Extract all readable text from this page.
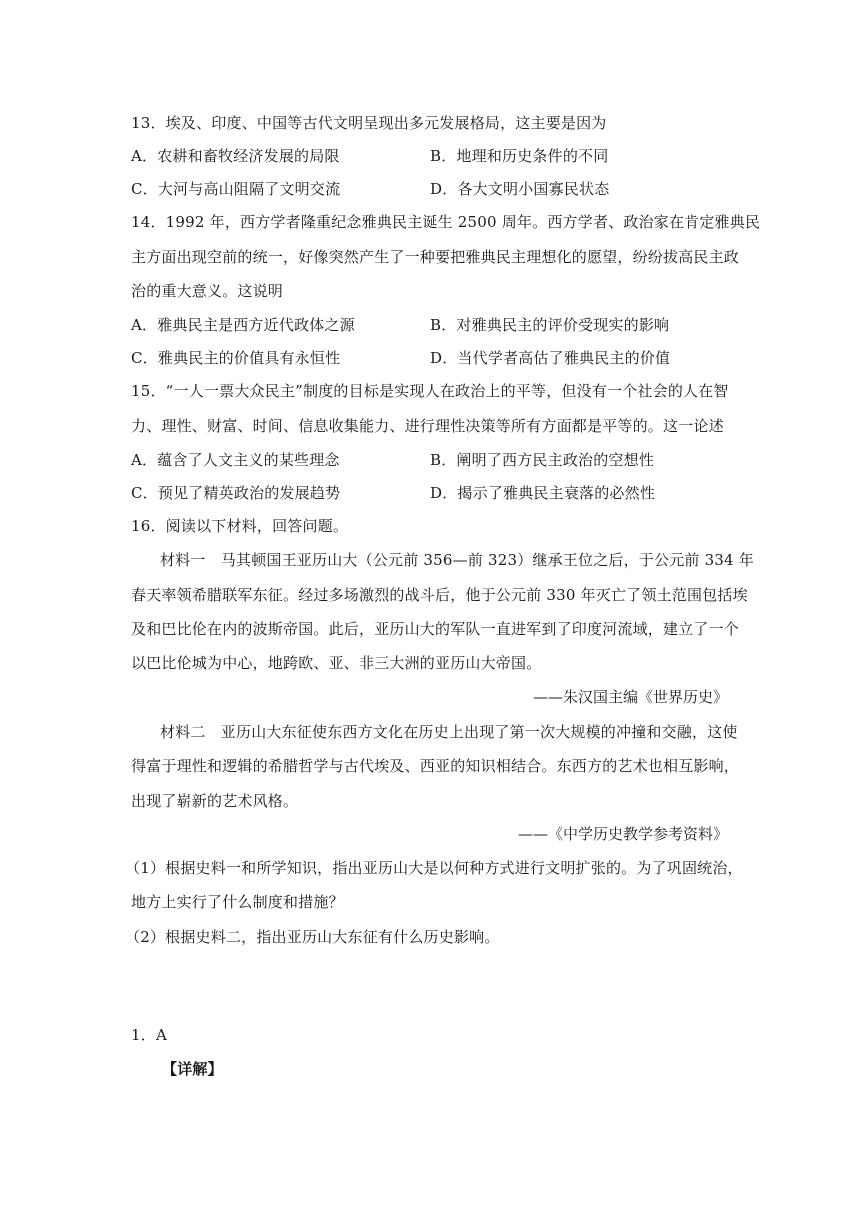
13．埃及、印度、中国等古代文明呈现出多元发展格局，这主要是因为
A．农耕和畜牧经济发展的局限	B．地理和历史条件的不同
C．大河与高山阻隔了文明交流	D．各大文明小国寡民状态
14．1992 年，西方学者隆重纪念雅典民主诞生 2500 周年。西方学者、政治家在肯定雅典民
主方面出现空前的统一，好像突然产生了一种要把雅典民主理想化的愿望，纷纷拔高民主政
治的重大意义。这说明
A．雅典民主是西方近代政体之源	B．对雅典民主的评价受现实的影响
C．雅典民主的价值具有永恒性	D．当代学者高估了雅典民主的价值
15．“一人一票大众民主”制度的目标是实现人在政治上的平等，但没有一个社会的人在智
力、理性、财富、时间、信息收集能力、进行理性决策等所有方面都是平等的。这一论述
A．蕴含了人文主义的某些理念	B．阐明了西方民主政治的空想性
C．预见了精英政治的发展趋势	D．揭示了雅典民主衰落的必然性
16．阅读以下材料，回答问题。
材料一　马其顿国王亚历山大（公元前 356—前 323）继承王位之后，于公元前 334 年
春天率领希腊联军东征。经过多场激烈的战斗后，他于公元前 330 年灭亡了领土范围包括埃
及和巴比伦在内的波斯帝国。此后，亚历山大的军队一直进军到了印度河流域，建立了一个
以巴比伦城为中心，地跨欧、亚、非三大洲的亚历山大帝国。
——朱汉国主编《世界历史》
材料二　亚历山大东征使东西方文化在历史上出现了第一次大规模的冲撞和交融，这使
得富于理性和逻辑的希腊哲学与古代埃及、西亚的知识相结合。东西方的艺术也相互影响，
出现了崭新的艺术风格。
——《中学历史教学参考资料》
（1）根据史料一和所学知识，指出亚历山大是以何种方式进行文明扩张的。为了巩固统治，
地方上实行了什么制度和措施？
（2）根据史料二，指出亚历山大东征有什么历史影响。
1．A
【详解】
